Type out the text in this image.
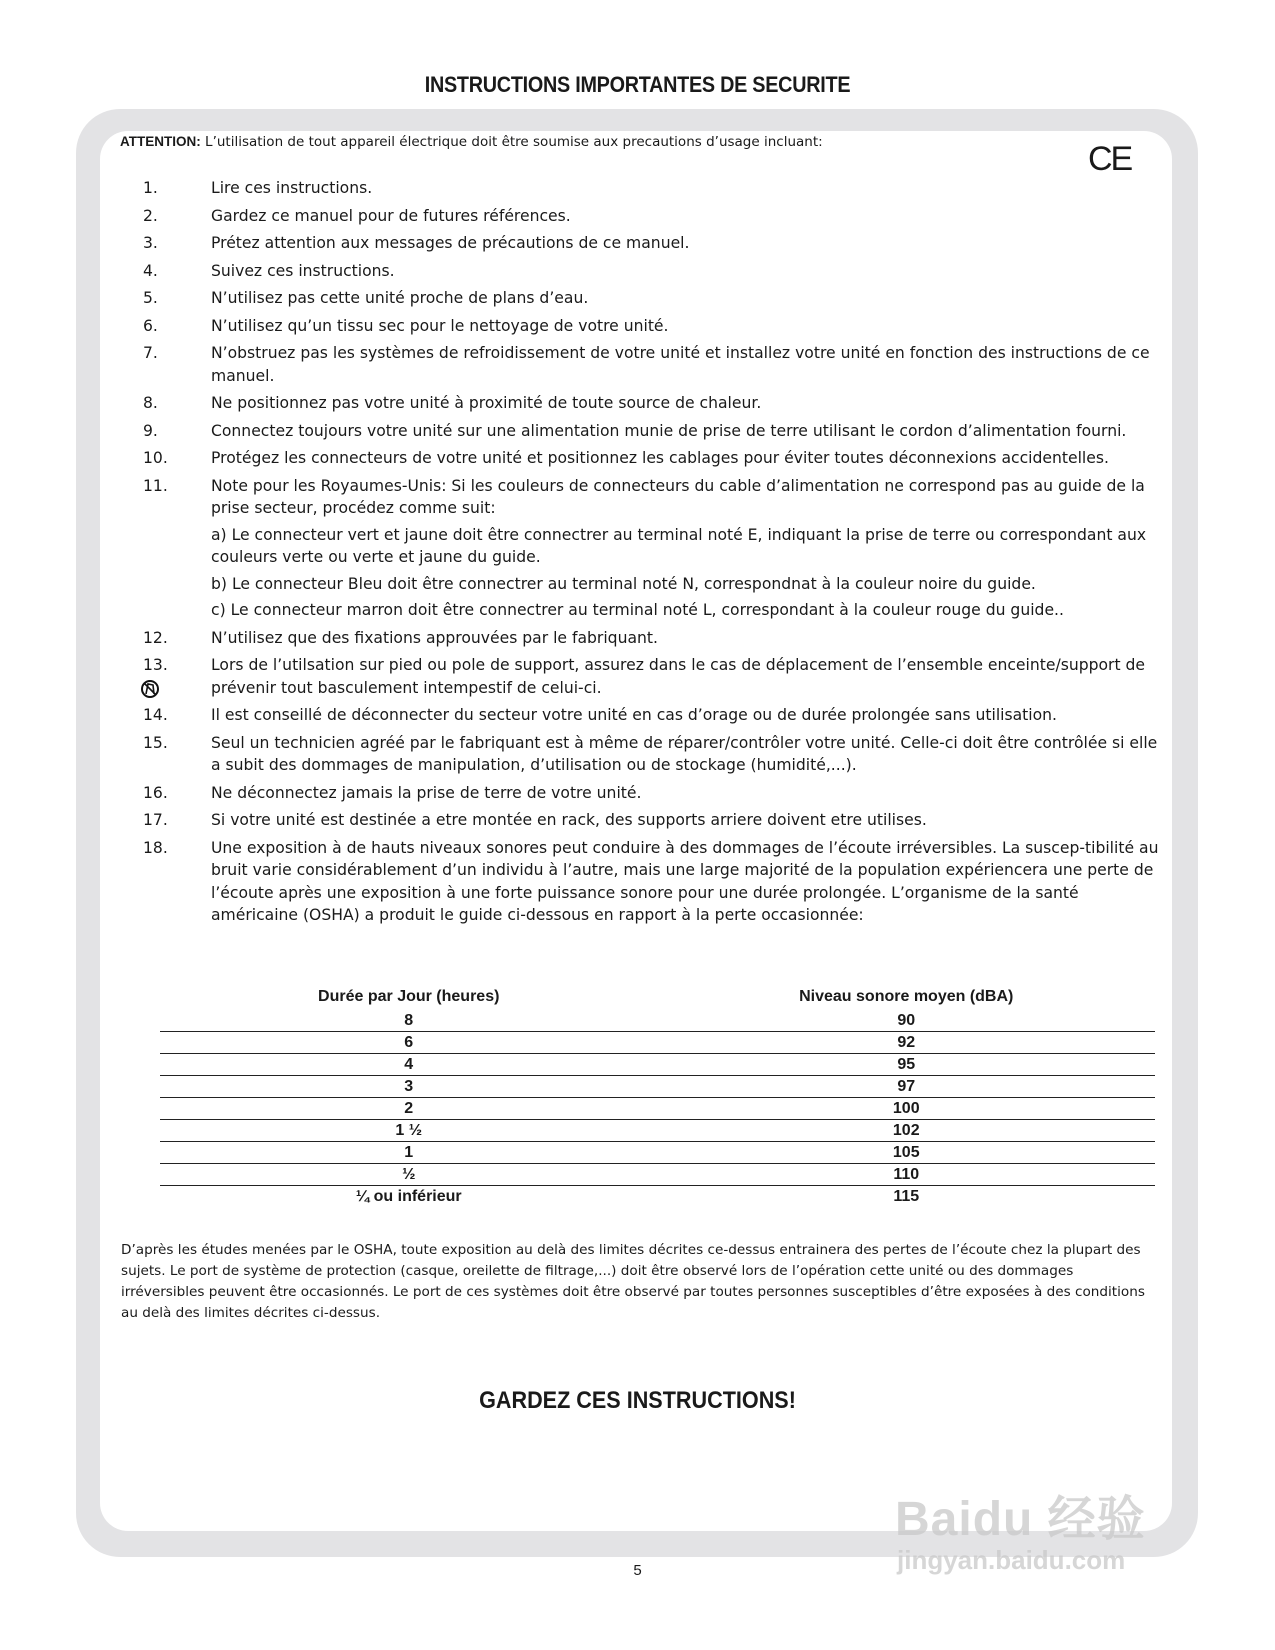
INSTRUCTIONS IMPORTANTES DE SECURITE
ATTENTION: L’utilisation de tout appareil électrique doit être soumise aux precautions d’usage incluant:	CE
1.	Lire ces instructions.
2.	Gardez ce manuel pour de futures références.
3.	Prétez attention aux messages de précautions de ce manuel.
4.	Suivez ces instructions.
5.	N’utilisez pas cette unité proche de plans d’eau.
6.	N’utilisez qu’un tissu sec pour le nettoyage de votre unité.
7.	N’obstruez pas les systèmes de refroidissement de votre unité et installez votre unité en fonction des instructions de ce manuel.
8.	Ne positionnez pas votre unité à proximité de toute source de chaleur.
9.	Connectez toujours votre unité sur une alimentation munie de prise de terre utilisant le cordon d’alimentation fourni.
10.	Protégez les connecteurs de votre unité et positionnez les cablages pour éviter toutes déconnexions accidentelles.
11.	Note pour les Royaumes-Unis: Si les couleurs de connecteurs du cable d’alimentation ne correspond pas au guide de la prise secteur, procédez comme suit:
a) Le connecteur vert et jaune doit être connectrer au terminal noté E, indiquant la prise de terre ou correspondant aux couleurs verte ou verte et jaune du guide.
b) Le connecteur Bleu doit être connectrer au terminal noté N, correspondnat à la couleur noire du guide.
c) Le connecteur marron doit être connectrer au terminal noté L, correspondant à la couleur rouge du guide..
12.	N’utilisez que des fixations approuvées par le fabriquant.
13.	Lors de l’utilsation sur pied ou pole de support, assurez dans le cas de déplacement de l’ensemble enceinte/support de prévenir tout basculement intempestif de celui-ci.
14.	Il est conseillé de déconnecter du secteur votre unité en cas d’orage ou de durée prolongée sans utilisation.
15.	Seul un technicien agréé par le fabriquant est à même de réparer/contrôler votre unité. Celle-ci doit être contrôlée si elle a subit des dommages de manipulation, d’utilisation ou de stockage (humidité,...).
16.	Ne déconnectez jamais la prise de terre de votre unité.
17.	Si votre unité est destinée a etre montée en rack, des supports arriere doivent etre utilises.
18.	Une exposition à de hauts niveaux sonores peut conduire à des dommages de l’écoute irréversibles. La suscep-tibilité au bruit varie considérablement d’un individu à l’autre, mais une large majorité de la population expériencera une perte de l’écoute après une exposition à une forte puissance sonore pour une durée prolongée. L’organisme de la santé américaine (OSHA) a produit le guide ci-dessous en rapport à la perte occasionnée:
Durée par Jour (heures)	Niveau sonore moyen (dBA)
8	90
6	92
4	95
3	97
2	100
1 ½	102
1	105
½	110
¼ ou inférieur	115
D’après les études menées par le OSHA, toute exposition au delà des limites décrites ce-dessus entrainera des pertes de l’écoute chez la plupart des sujets. Le port de système de protection (casque, oreilette de filtrage,...) doit être observé lors de l’opération cette unité ou des dommages irréversibles peuvent être occasionnés. Le port de ces systèmes doit être observé par toutes personnes susceptibles d’être exposées à des conditions au delà des limites décrites ci-dessus.
GARDEZ CES INSTRUCTIONS!
5
Baidu 经验
jingyan.baidu.com
